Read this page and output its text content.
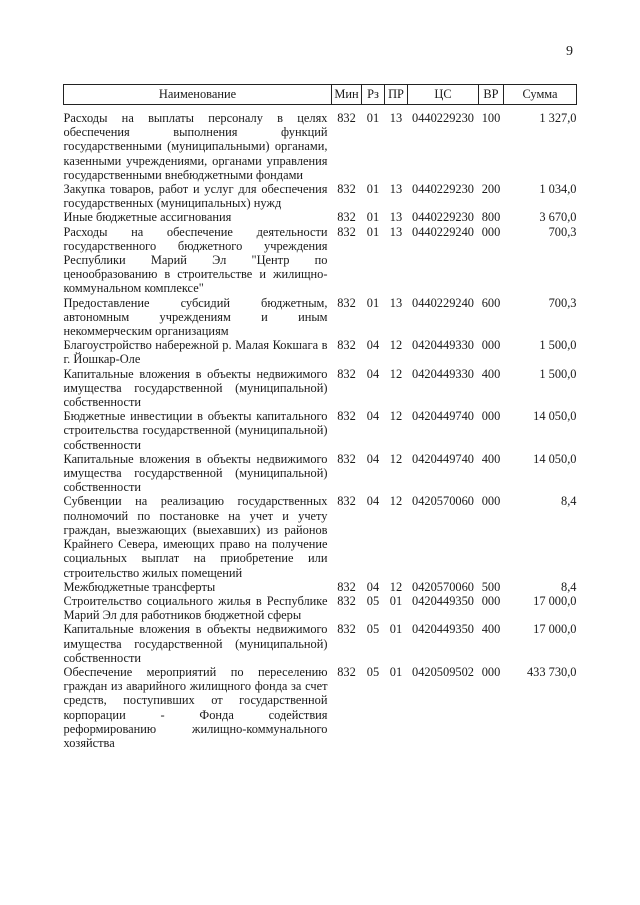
9
Наименование	Мин	Рз	ПР	ЦС	ВР	Сумма
Расходы на выплаты персоналу в целях обеспечения выполнения функций государственными (муниципальными) органами, казенными учреждениями, органами управления государственными внебюджетными фондами	832	01	13	0440229230	100	1 327,0
Закупка товаров, работ и услуг для обеспечения государственных (муниципальных) нужд	832	01	13	0440229230	200	1 034,0
Иные бюджетные ассигнования	832	01	13	0440229230	800	3 670,0
Расходы на обеспечение деятельности государственного бюджетного учреждения Республики Марий Эл "Центр по ценообразованию в строительстве и жилищно-коммунальном комплексе"	832	01	13	0440229240	000	700,3
Предоставление субсидий бюджетным, автономным учреждениям и иным некоммерческим организациям	832	01	13	0440229240	600	700,3
Благоустройство набережной р. Малая Кокшага в г. Йошкар-Оле	832	04	12	0420449330	000	1 500,0
Капитальные вложения в объекты недвижимого имущества государственной (муниципальной) собственности	832	04	12	0420449330	400	1 500,0
Бюджетные инвестиции в объекты капитального строительства государственной (муниципальной) собственности	832	04	12	0420449740	000	14 050,0
Капитальные вложения в объекты недвижимого имущества государственной (муниципальной) собственности	832	04	12	0420449740	400	14 050,0
Субвенции на реализацию государственных полномочий по постановке на учет и учету граждан, выезжающих (выехавших) из районов Крайнего Севера, имеющих право на получение социальных выплат на приобретение или строительство жилых помещений	832	04	12	0420570060	000	8,4
Межбюджетные трансферты	832	04	12	0420570060	500	8,4
Строительство социального жилья в Республике Марий Эл для работников бюджетной сферы	832	05	01	0420449350	000	17 000,0
Капитальные вложения в объекты недвижимого имущества государственной (муниципальной) собственности	832	05	01	0420449350	400	17 000,0
Обеспечение мероприятий по переселению граждан из аварийного жилищного фонда за счет средств, поступивших от государственной корпорации - Фонда содействия реформированию жилищно-коммунального хозяйства	832	05	01	0420509502	000	433 730,0
